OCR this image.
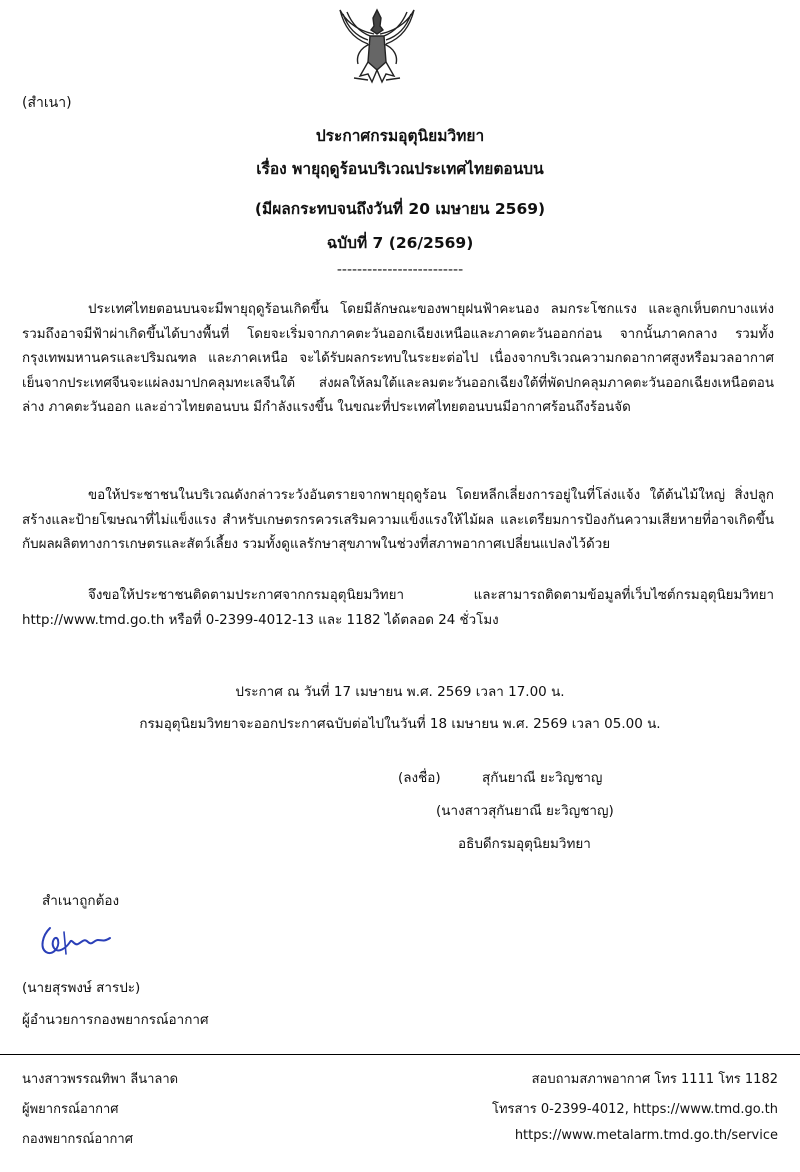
(สำเนา)
ประกาศกรมอุตุนิยมวิทยา
เรื่อง พายุฤดูร้อนบริเวณประเทศไทยตอนบน
(มีผลกระทบจนถึงวันที่ 20 เมษายน 2569)
ฉบับที่ 7 (26/2569)
-------------------------
ประเทศไทยตอนบนจะมีพายุฤดูร้อนเกิดขึ้น โดยมีลักษณะของพายุฝนฟ้าคะนอง ลมกระโชกแรง และลูกเห็บตกบางแห่ง รวมถึงอาจมีฟ้าผ่าเกิดขึ้นได้บางพื้นที่ โดยจะเริ่มจากภาคตะวันออกเฉียงเหนือและภาคตะวันออกก่อน จากนั้นภาคกลาง รวมทั้งกรุงเทพมหานครและปริมณฑล และภาคเหนือ จะได้รับผลกระทบในระยะต่อไป เนื่องจากบริเวณความกดอากาศสูงหรือมวลอากาศเย็นจากประเทศจีนจะแผ่ลงมาปกคลุมทะเลจีนใต้ ส่งผลให้ลมใต้และลมตะวันออกเฉียงใต้ที่พัดปกคลุมภาคตะวันออกเฉียงเหนือตอนล่าง ภาคตะวันออก และอ่าวไทยตอนบน มีกำลังแรงขึ้น ในขณะที่ประเทศไทยตอนบนมีอากาศร้อนถึงร้อนจัด
ขอให้ประชาชนในบริเวณดังกล่าวระวังอันตรายจากพายุฤดูร้อน โดยหลีกเลี่ยงการอยู่ในที่โล่งแจ้ง ใต้ต้นไม้ใหญ่ สิ่งปลูกสร้างและป้ายโฆษณาที่ไม่แข็งแรง สำหรับเกษตรกรควรเสริมความแข็งแรงให้ไม้ผล และเตรียมการป้องกันความเสียหายที่อาจเกิดขึ้นกับผลผลิตทางการเกษตรและสัตว์เลี้ยง รวมทั้งดูแลรักษาสุขภาพในช่วงที่สภาพอากาศเปลี่ยนแปลงไว้ด้วย
จึงขอให้ประชาชนติดตามประกาศจากกรมอุตุนิยมวิทยา และสามารถติดตามข้อมูลที่เว็บไซต์กรมอุตุนิยมวิทยา http://www.tmd.go.th หรือที่ 0-2399-4012-13 และ 1182 ได้ตลอด 24 ชั่วโมง
ประกาศ ณ วันที่ 17 เมษายน พ.ศ. 2569 เวลา 17.00 น.
กรมอุตุนิยมวิทยาจะออกประกาศฉบับต่อไปในวันที่ 18 เมษายน พ.ศ. 2569 เวลา 05.00 น.
(ลงชื่อ)	สุกันยาณี ยะวิญชาญ
(นางสาวสุกันยาณี ยะวิญชาญ)
อธิบดีกรมอุตุนิยมวิทยา
สำเนาถูกต้อง
(นายสุรพงษ์ สารปะ)
ผู้อำนวยการกองพยากรณ์อากาศ
นางสาวพรรณทิพา ลีนาลาด
ผู้พยากรณ์อากาศ
กองพยากรณ์อากาศ
สอบถามสภาพอากาศ โทร 1111 โทร 1182
โทรสาร 0-2399-4012, https://www.tmd.go.th
https://www.metalarm.tmd.go.th/service
